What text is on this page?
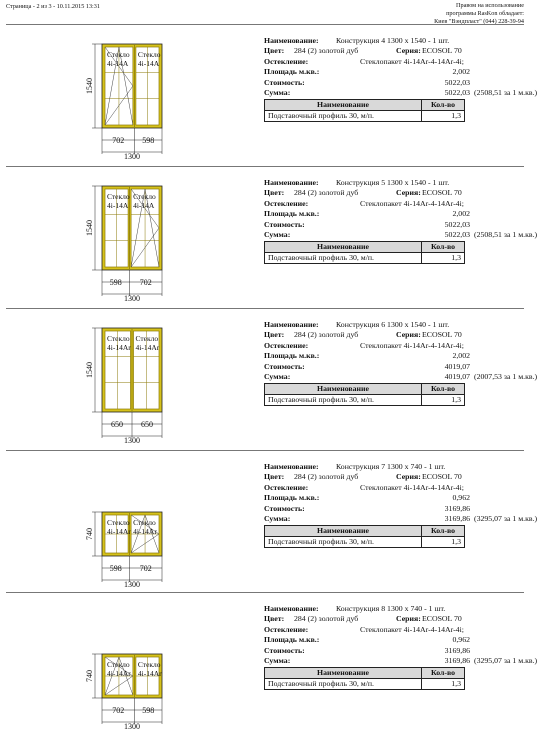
Страница - 2 из 3 - 10.11.2015 13:31	Правом на использование
программы RasKon обладает:
Киев "Вэндпласт" (044) 228-39-94
Стекло
4i-14А
Стекло
4i-14А
1540
702 598
1300
Наименование: Конструкция 4 1300 x 1540 - 1 шт.
Цвет: 284 (2) золотой дуб	Серия: ECOSOL 70
Остекление:	Стеклопакет 4i-14Ar-4-14Ar-4i;
Площадь м.кв.:	2,002
Стоимость:	5022,03
Сумма:	5022,03 (2508,51 за 1 м.кв.)
Наименование	Кол-во
Подставочный профиль 30, м/п.	1,3
Стекло
4i-14А
Стекло
4i-14А
1540
598 702
1300
Наименование: Конструкция 5 1300 x 1540 - 1 шт.
Цвет: 284 (2) золотой дуб	Серия: ECOSOL 70
Остекление:	Стеклопакет 4i-14Ar-4-14Ar-4i;
Площадь м.кв.:	2,002
Стоимость:	5022,03
Сумма:	5022,03 (2508,51 за 1 м.кв.)
Наименование	Кол-во
Подставочный профиль 30, м/п.	1,3
Стекло
4i-14Ar
Стекло
4i-14Ar
1540
650 650
1300
Наименование: Конструкция 6 1300 x 1540 - 1 шт.
Цвет: 284 (2) золотой дуб	Серия: ECOSOL 70
Остекление:	Стеклопакет 4i-14Ar-4-14Ar-4i;
Площадь м.кв.:	2,002
Стоимость:	4019,07
Сумма:	4019,07 (2007,53 за 1 м.кв.)
Наименование	Кол-во
Подставочный профиль 30, м/п.	1,3
Стекло
4i-14Ar
Стекло
4i-14Ar
740
598 702
1300
Наименование: Конструкция 7 1300 x 740 - 1 шт.
Цвет: 284 (2) золотой дуб	Серия: ECOSOL 70
Остекление:	Стеклопакет 4i-14Ar-4-14Ar-4i;
Площадь м.кв.:	0,962
Стоимость:	3169,86
Сумма:	3169,86 (3295,07 за 1 м.кв.)
Наименование	Кол-во
Подставочный профиль 30, м/п.	1,3
Стекло
4i-14Ar
Стекло
4i-14Ar
740
702 598
1300
Наименование: Конструкция 8 1300 x 740 - 1 шт.
Цвет: 284 (2) золотой дуб	Серия: ECOSOL 70
Остекление:	Стеклопакет 4i-14Ar-4-14Ar-4i;
Площадь м.кв.:	0,962
Стоимость:	3169,86
Сумма:	3169,86 (3295,07 за 1 м.кв.)
Наименование	Кол-во
Подставочный профиль 30, м/п.	1,3
